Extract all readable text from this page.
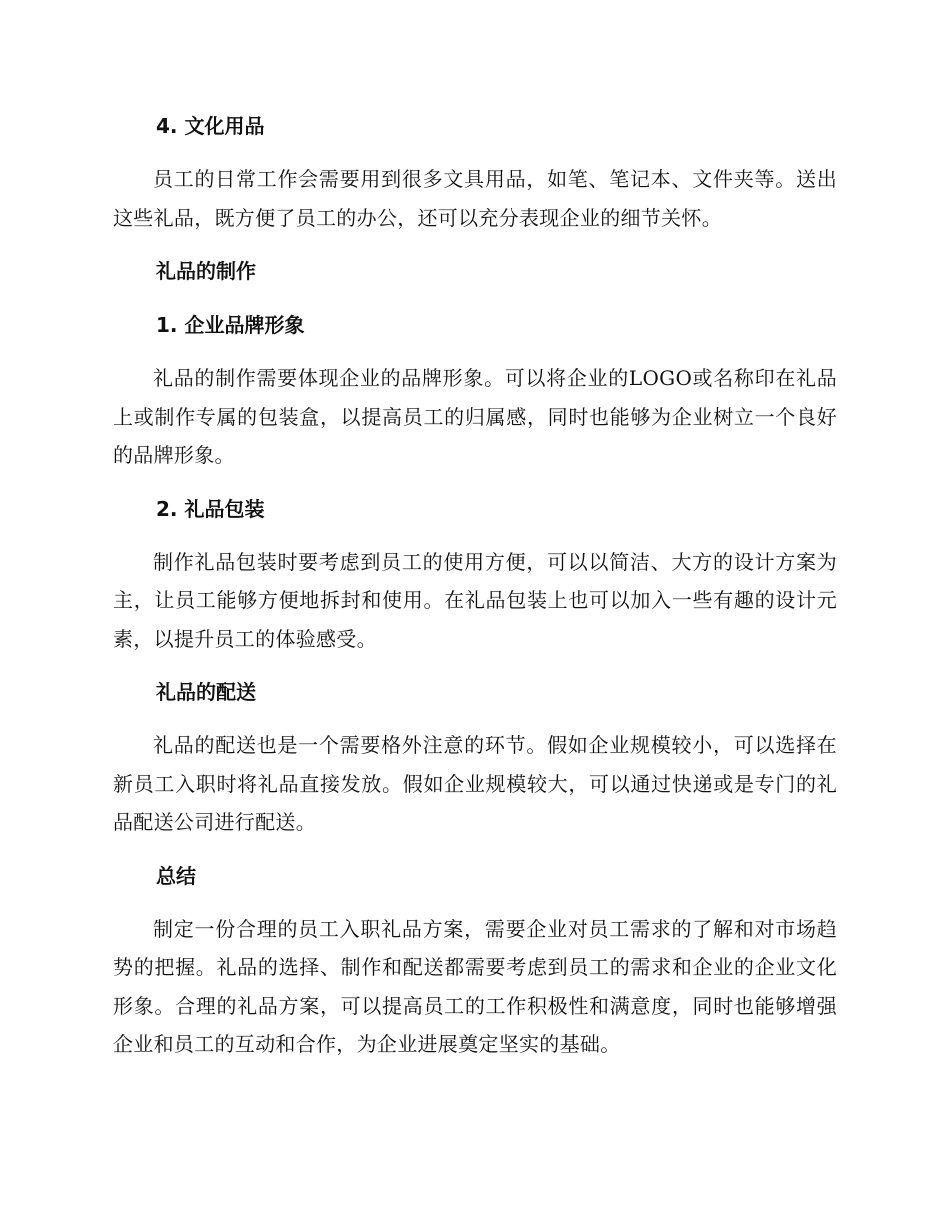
4. 文化用品

员工的日常工作会需要用到很多文具用品，如笔、笔记本、文件夹等。送出这些礼品，既方便了员工的办公，还可以充分表现企业的细节关怀。

礼品的制作
1. 企业品牌形象

礼品的制作需要体现企业的品牌形象。可以将企业的LOGO或名称印在礼品上或制作专属的包装盒，以提高员工的归属感，同时也能够为企业树立一个良好的品牌形象。

2. 礼品包装

制作礼品包装时要考虑到员工的使用方便，可以以简洁、大方的设计方案为主，让员工能够方便地拆封和使用。在礼品包装上也可以加入一些有趣的设计元素，以提升员工的体验感受。

礼品的配送

礼品的配送也是一个需要格外注意的环节。假如企业规模较小，可以选择在新员工入职时将礼品直接发放。假如企业规模较大，可以通过快递或是专门的礼品配送公司进行配送。

总结

制定一份合理的员工入职礼品方案，需要企业对员工需求的了解和对市场趋势的把握。礼品的选择、制作和配送都需要考虑到员工的需求和企业的企业文化形象。合理的礼品方案，可以提高员工的工作积极性和满意度，同时也能够增强企业和员工的互动和合作，为企业进展奠定坚实的基础。
